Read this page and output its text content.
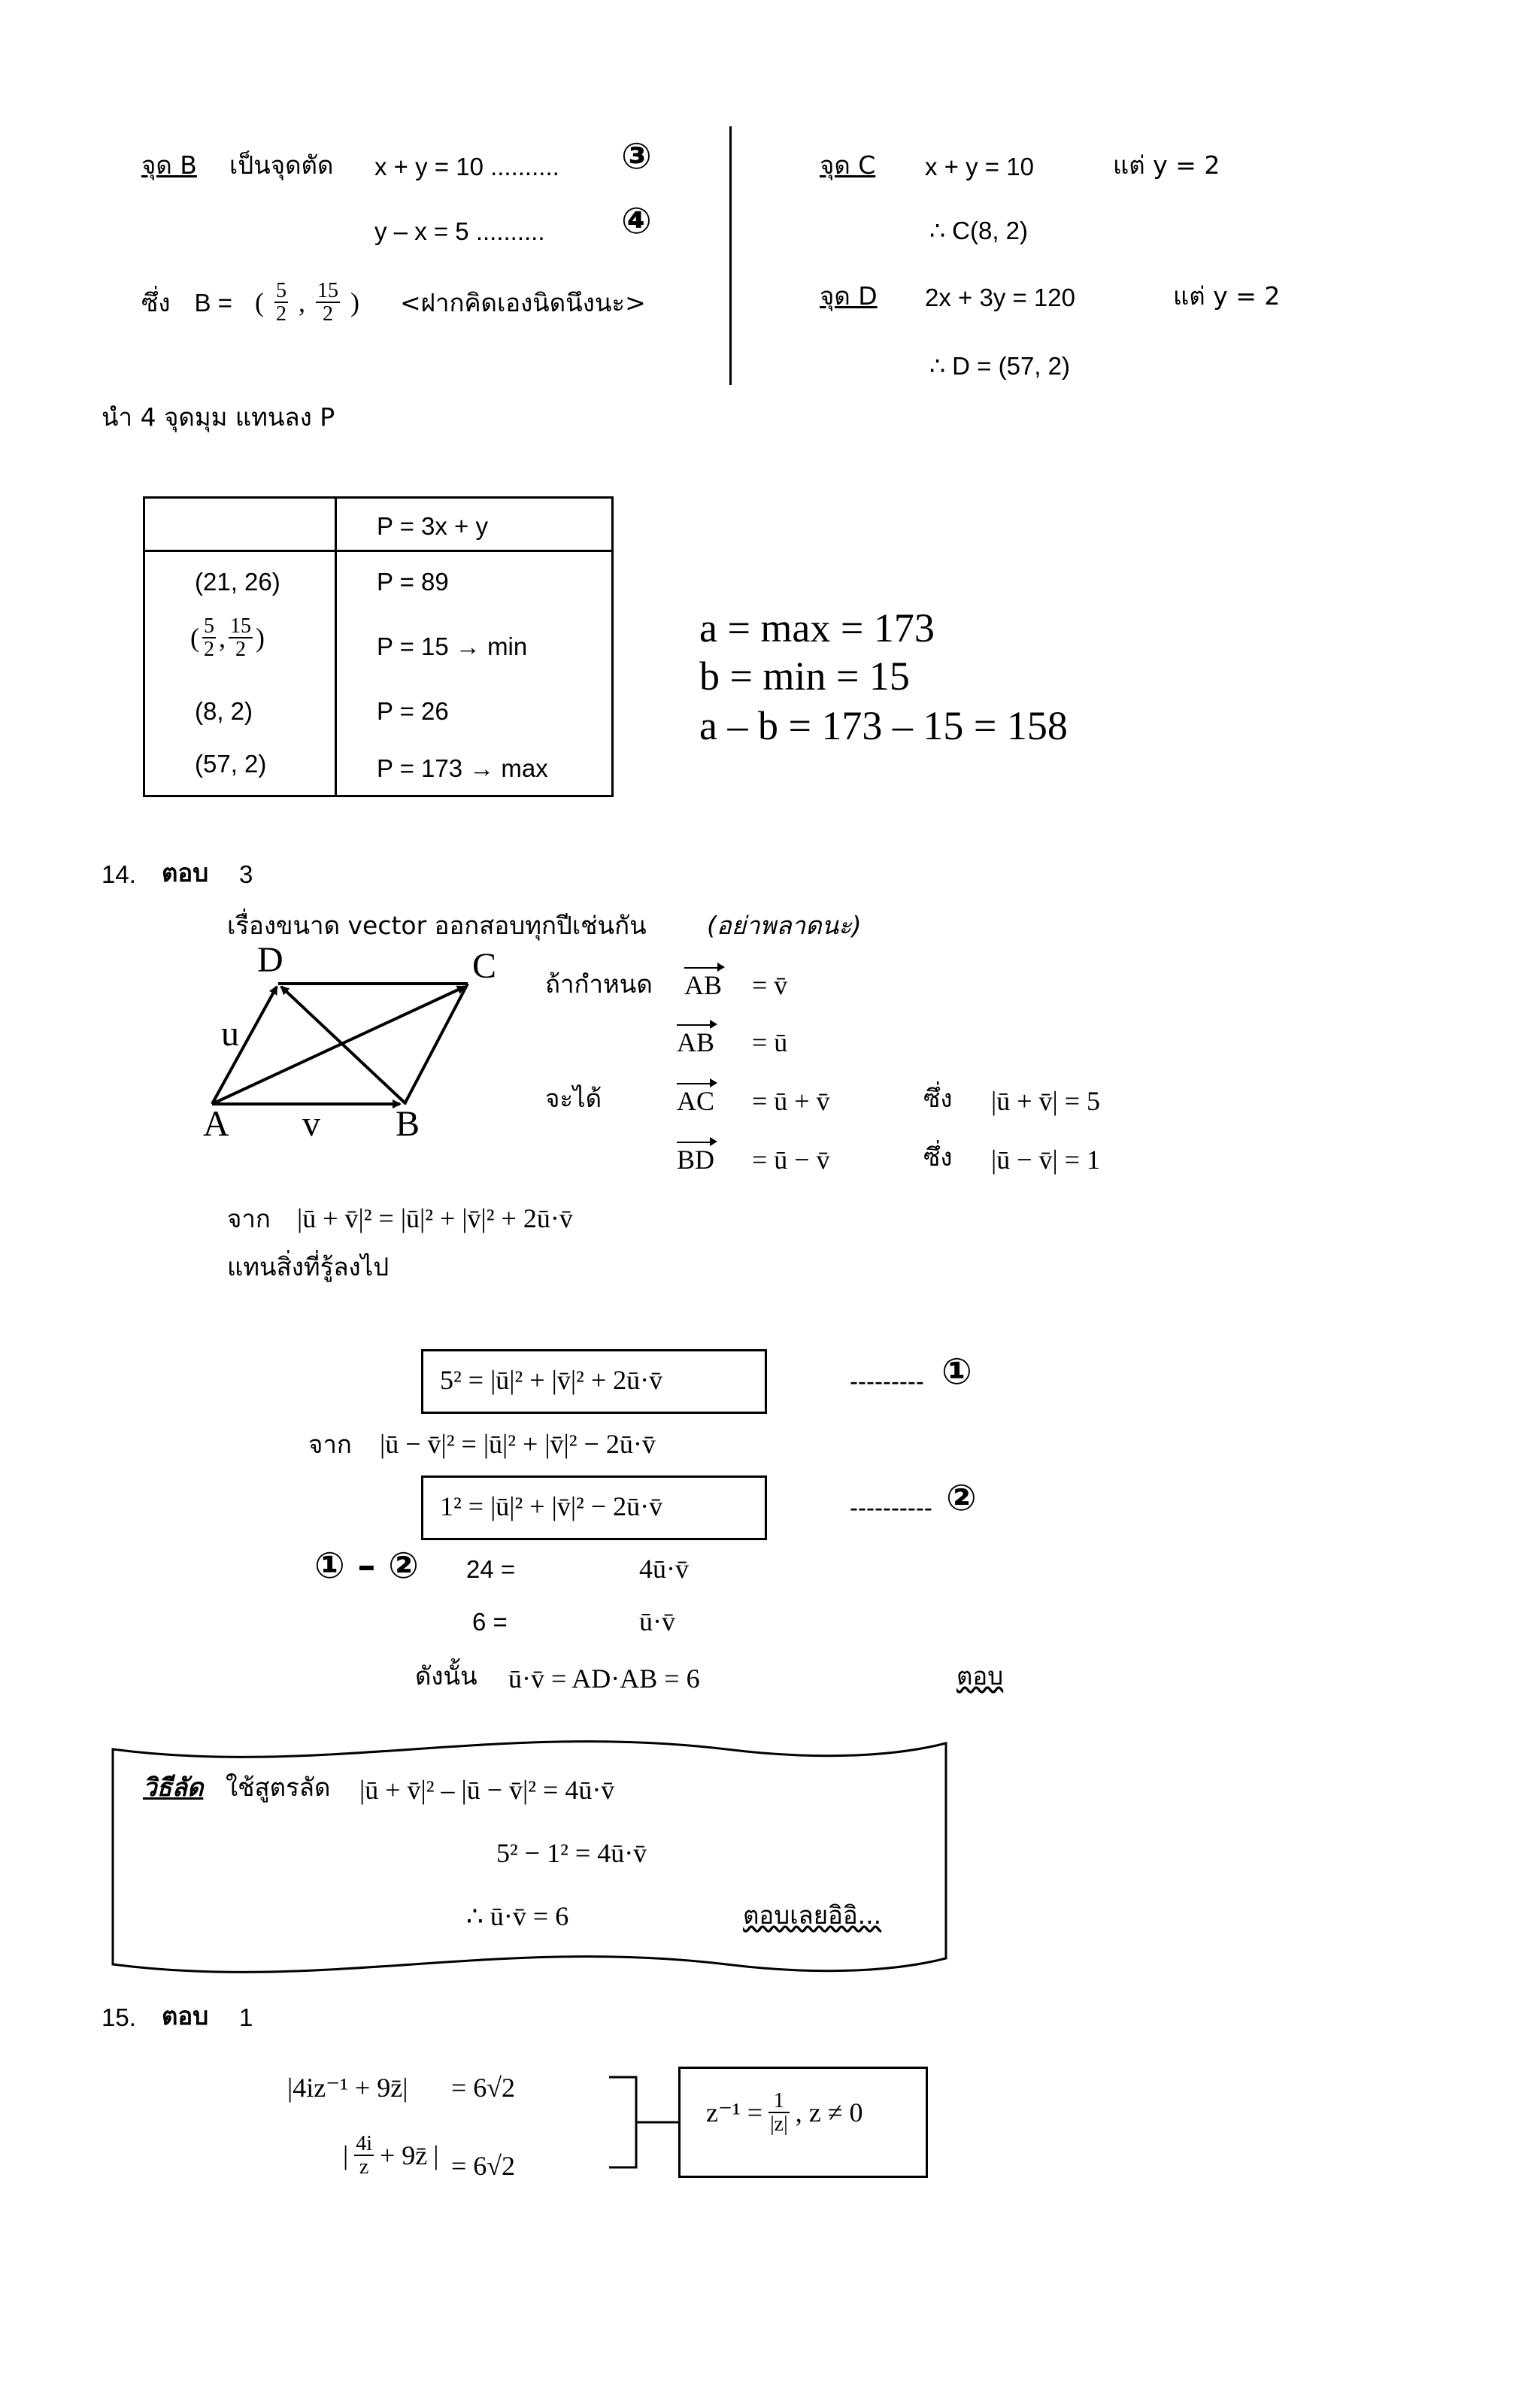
จุด B เป็นจุดตัด x + y = 10 .......... ③
y – x = 5 .......... ④
ซึ่ง B = ( $\frac{5}{2}$ , $\frac{15}{2}$ ) <ฝากคิดเองนิดนึงนะ>
จุด C x + y = 10	แต่ y = 2
∴ C(8, 2)
จุด D 2x + 3y = 120	แต่ y = 2
∴ D = (57, 2)
นำ 4 จุดมุม แทนลง P
P = 3x + y
(21, 26)	P = 89
( $\frac{5}{2}$ , $\frac{15}{2}$ )	P = 15 → min
(8, 2)	P = 26
(57, 2)	P = 173 → max
a = max = 173
b = min = 15
a – b = 173 – 15 = 158
14. ตอบ 3
เรื่องขนาด vector ออกสอบทุกปีเช่นกัน (อย่าพลาดนะ)
D	C
A	B
u
v
ถ้ากำหนด AB = v̄
AB = ū
จะได้	AC = ū + v̄	ซึ่ง |ū + v̄| = 5
BD = ū − v̄	ซึ่ง |ū − v̄| = 1
จาก |ū + v̄|² = |ū|² + |v̄|² + 2ū·v̄
แทนสิ่งที่รู้ลงไป
5² = |ū|² + |v̄|² + 2ū·v̄	--------- ①
จาก |ū − v̄|² = |ū|² + |v̄|² − 2ū·v̄
1² = |ū|² + |v̄|² − 2ū·v̄	---------- ②
① – ② 24 =	4ū·v̄
6 =	ū·v̄
ดังนั้น ū·v̄ = AD·AB = 6	ตอบ
วิธีลัด ใช้สูตรลัด |ū + v̄|² – |ū − v̄|² = 4ū·v̄
5² − 1² = 4ū·v̄
∴ ū·v̄ = 6	ตอบเลยอิอิ...
15. ตอบ 1
|4iz⁻¹ + 9z̄| = 6√2
| $\frac{4i}{z}$ + 9z̄ | = 6√2
$z^{-1} = \frac{1}{|z|}$ , z ≠ 0
